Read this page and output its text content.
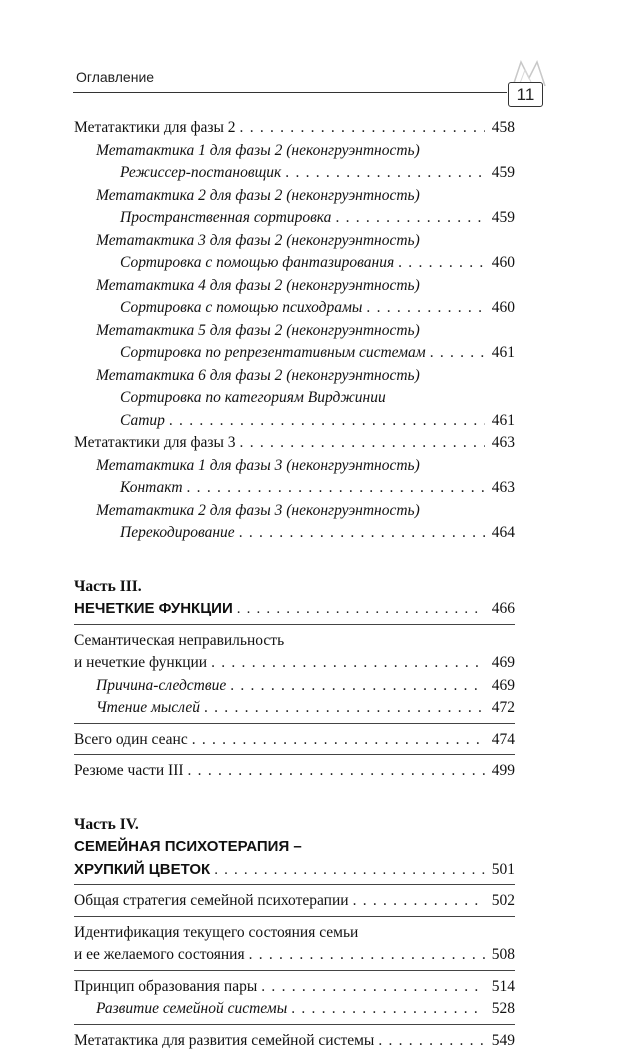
Оглавление
11
Метатактики для фазы 2 . . .	458
Метатактика 1 для фазы 2 (неконгруэнтность)
Режиссер-постановщик . . .	459
Метатактика 2 для фазы 2 (неконгруэнтность)
Пространственная сортировка . . .	459
Метатактика 3 для фазы 2 (неконгруэнтность)
Сортировка с помощью фантазирования . . .	460
Метатактика 4 для фазы 2 (неконгруэнтность)
Сортировка с помощью психодрамы . . .	460
Метатактика 5 для фазы 2 (неконгруэнтность)
Сортировка по репрезентативным системам . . .	461
Метатактика 6 для фазы 2 (неконгруэнтность)
Сортировка по категориям Вирджинии
Сатир . . .	461
Метатактики для фазы 3 . . .	463
Метатактика 1 для фазы 3 (неконгруэнтность)
Контакт . . .	463
Метатактика 2 для фазы 3 (неконгруэнтность)
Перекодирование . . .	464
Часть III.
НЕЧЕТКИЕ ФУНКЦИИ . . .	466
Семантическая неправильность
и нечеткие функции . . .	469
Причина-следствие . . .	469
Чтение мыслей . . .	472
Всего один сеанс . . .	474
Резюме части III . . .	499
Часть IV.
СЕМЕЙНАЯ ПСИХОТЕРАПИЯ –
ХРУПКИЙ ЦВЕТОК . . .	501
Общая стратегия семейной психотерапии . . .	502
Идентификация текущего состояния семьи
и ее желаемого состояния . . .	508
Принцип образования пары . . .	514
Развитие семейной системы . . .	528
Метатактика для развития семейной системы . . .	549
